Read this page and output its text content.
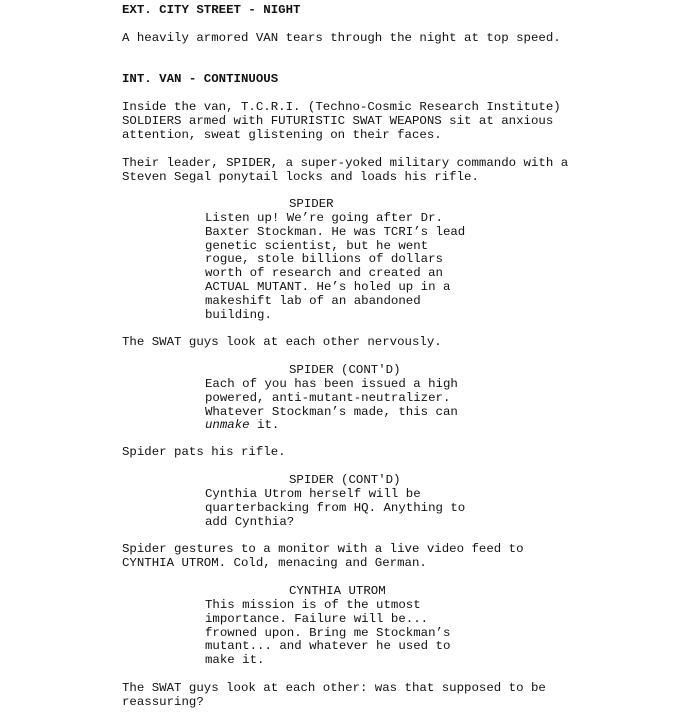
EXT. CITY STREET - NIGHT

A heavily armored VAN tears through the night at top speed.

INT. VAN - CONTINUOUS

Inside the van, T.C.R.I. (Techno-Cosmic Research Institute)
SOLDIERS armed with FUTURISTIC SWAT WEAPONS sit at anxious
attention, sweat glistening on their faces.

Their leader, SPIDER, a super-yoked military commando with a
Steven Segal ponytail locks and loads his rifle.

SPIDER

Listen up! We’re going after Dr.
Baxter Stockman. He was TCRI’s lead
genetic scientist, but he went
rogue, stole billions of dollars
worth of research and created an
ACTUAL MUTANT. He’s holed up in a
makeshift lab of an abandoned
building.

The SWAT guys look at each other nervously.

SPIDER (CONT'D)

Each of you has been issued a high
powered, anti-mutant-neutralizer.
Whatever Stockman’s made, this can
unmake it.

Spider pats his rifle.

SPIDER (CONT'D)

Cynthia Utrom herself will be
quarterbacking from HQ. Anything to
add Cynthia?

Spider gestures to a monitor with a live video feed to
CYNTHIA UTROM. Cold, menacing and German.

CYNTHIA UTROM

This mission is of the utmost
importance. Failure will be...
frowned upon. Bring me Stockman’s
mutant... and whatever he used to
make it.

The SWAT guys look at each other: was that supposed to be
reassuring?
